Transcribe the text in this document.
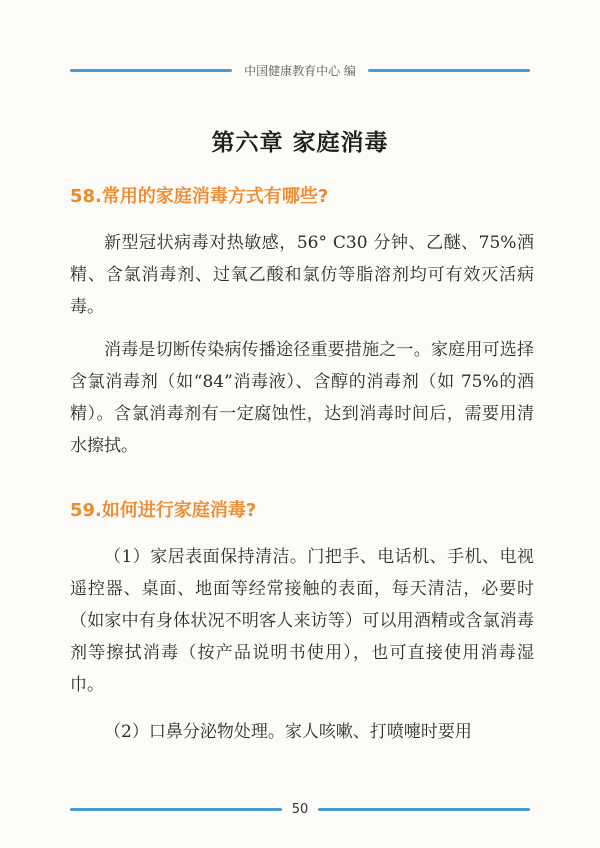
中国健康教育中心 编
第六章 家庭消毒
58.常用的家庭消毒方式有哪些?

新型冠状病毒对热敏感，56° C30 分钟、乙醚、75%酒精、含氯消毒剂、过氧乙酸和氯仿等脂溶剂均可有效灭活病毒。

消毒是切断传染病传播途径重要措施之一。家庭用可选择含氯消毒剂（如“84”消毒液）、含醇的消毒剂（如 75%的酒精）。含氯消毒剂有一定腐蚀性，达到消毒时间后，需要用清水擦拭。

59.如何进行家庭消毒?

（1）家居表面保持清洁。门把手、电话机、手机、电视遥控器、桌面、地面等经常接触的表面，每天清洁，必要时（如家中有身体状况不明客人来访等）可以用酒精或含氯消毒剂等擦拭消毒（按产品说明书使用），也可直接使用消毒湿巾。

（2）口鼻分泌物处理。家人咳嗽、打喷嚏时要用

50
